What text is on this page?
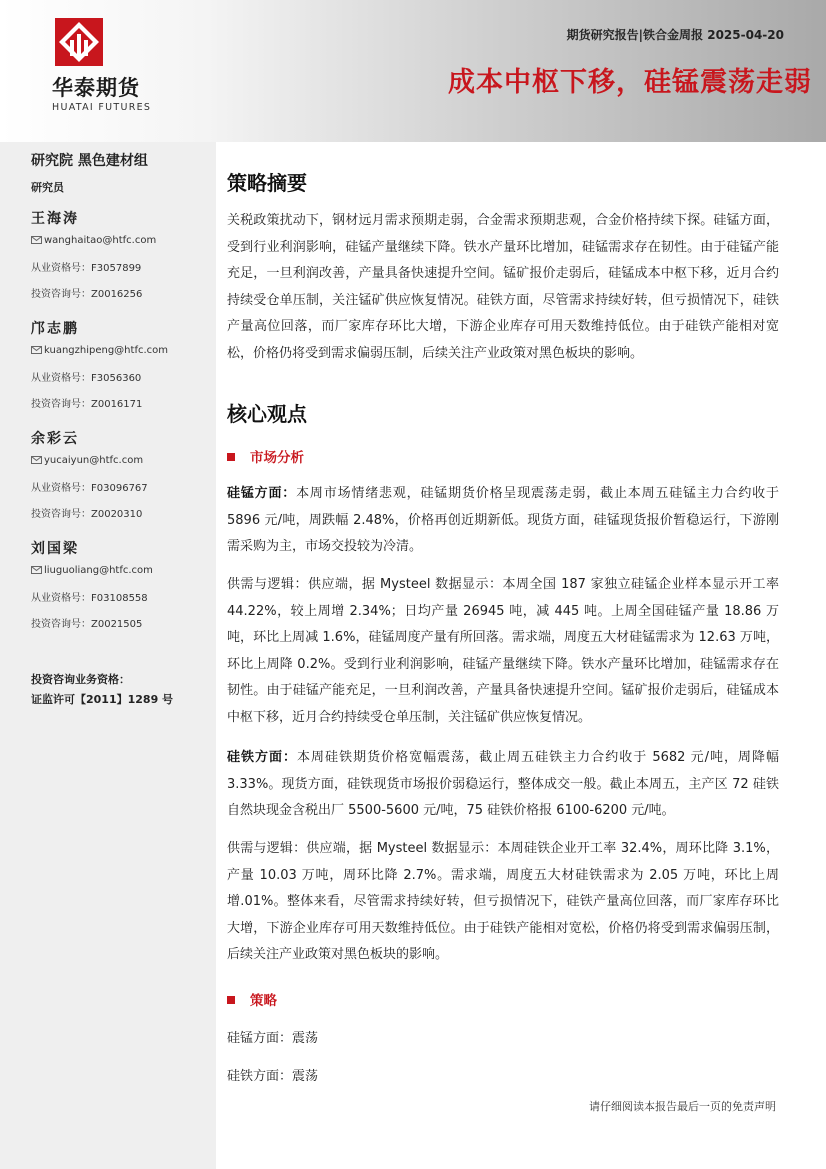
华泰期货
HUATAI FUTURES
期货研究报告|铁合金周报 2025-04-20
成本中枢下移，硅锰震荡走弱
研究院 黑色建材组
研究员
王海涛
wanghaitao@htfc.com
从业资格号：F3057899
投资咨询号：Z0016256
邝志鹏
kuangzhipeng@htfc.com
从业资格号：F3056360
投资咨询号：Z0016171
余彩云
yucaiyun@htfc.com
从业资格号：F03096767
投资咨询号：Z0020310
刘国梁
liuguoliang@htfc.com
从业资格号：F03108558
投资咨询号：Z0021505
投资咨询业务资格：
证监许可【2011】1289 号
策略摘要
关税政策扰动下，钢材远月需求预期走弱，合金需求预期悲观，合金价格持续下探。硅锰方面，受到行业利润影响，硅锰产量继续下降。铁水产量环比增加，硅锰需求存在韧性。由于硅锰产能充足，一旦利润改善，产量具备快速提升空间。锰矿报价走弱后，硅锰成本中枢下移，近月合约持续受仓单压制，关注锰矿供应恢复情况。硅铁方面，尽管需求持续好转，但亏损情况下，硅铁产量高位回落，而厂家库存环比大增，下游企业库存可用天数维持低位。由于硅铁产能相对宽松，价格仍将受到需求偏弱压制，后续关注产业政策对黑色板块的影响。
核心观点
市场分析
硅锰方面：本周市场情绪悲观，硅锰期货价格呈现震荡走弱，截止本周五硅锰主力合约收于 5896 元/吨，周跌幅 2.48%，价格再创近期新低。现货方面，硅锰现货报价暂稳运行，下游刚需采购为主，市场交投较为冷清。
供需与逻辑：供应端，据 Mysteel 数据显示：本周全国 187 家独立硅锰企业样本显示开工率 44.22%，较上周增 2.34%；日均产量 26945 吨，减 445 吨。上周全国硅锰产量 18.86 万吨，环比上周减 1.6%，硅锰周度产量有所回落。需求端，周度五大材硅锰需求为 12.63 万吨，环比上周降 0.2%。受到行业利润影响，硅锰产量继续下降。铁水产量环比增加，硅锰需求存在韧性。由于硅锰产能充足，一旦利润改善，产量具备快速提升空间。锰矿报价走弱后，硅锰成本中枢下移，近月合约持续受仓单压制，关注锰矿供应恢复情况。
硅铁方面：本周硅铁期货价格宽幅震荡，截止周五硅铁主力合约收于 5682 元/吨，周降幅 3.33%。现货方面，硅铁现货市场报价弱稳运行，整体成交一般。截止本周五，主产区 72 硅铁自然块现金含税出厂 5500-5600 元/吨，75 硅铁价格报 6100-6200 元/吨。
供需与逻辑：供应端，据 Mysteel 数据显示：本周硅铁企业开工率 32.4%，周环比降 3.1%，产量 10.03 万吨，周环比降 2.7%。需求端，周度五大材硅铁需求为 2.05 万吨，环比上周增.01%。整体来看，尽管需求持续好转，但亏损情况下，硅铁产量高位回落，而厂家库存环比大增，下游企业库存可用天数维持低位。由于硅铁产能相对宽松，价格仍将受到需求偏弱压制，后续关注产业政策对黑色板块的影响。
策略
硅锰方面：震荡
硅铁方面：震荡
请仔细阅读本报告最后一页的免责声明
